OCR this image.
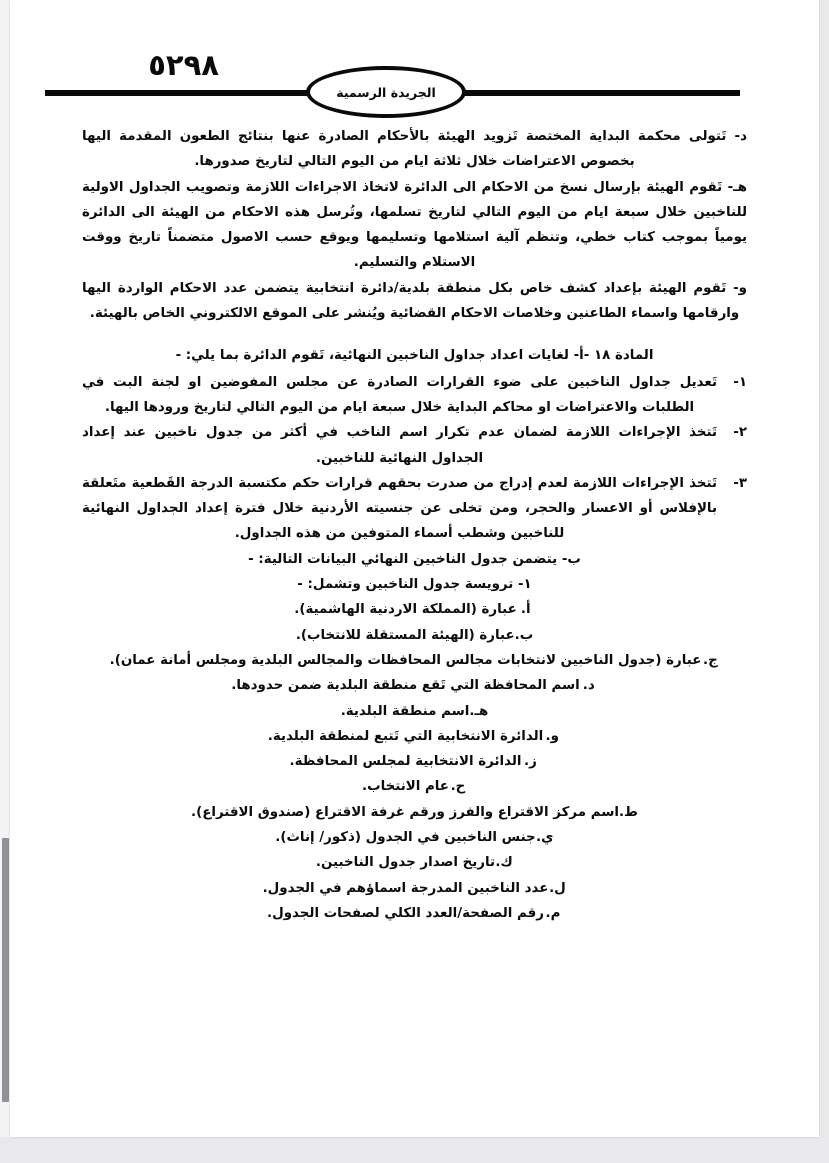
٥٢٩٨
الجريدة الرسمية

د- تَتولى محكمة البداية المختصة تَزويد الهيئة بالأحكام الصادرة عنها بنتائج الطعون المقدمة اليها بخصوص الاعتراضات خلال ثلاثة ايام من اليوم التالي لتاريخ صدورها.

هـ- تَقوم الهيئة بإرسال نسخ من الاحكام الى الدائرة لاتخاذ الاجراءات اللازمة وتصويب الجداول الاولية للناخبين خلال سبعة ايام من اليوم التالي لتاريخ تسلمها، وتُرسل هذه الاحكام من الهيئة الى الدائرة يومياً بموجب كتاب خطي، وتنظم آلية استلامها وتسليمها ويوقع حسب الاصول متضمناً تاريخ ووقت الاستلام والتسليم.

و- تَقوم الهيئة بإعداد كشف خاص بكل منطقة بلدية/دائرة انتخابية يتضمن عدد الاحكام الواردة اليها وارقامها واسماء الطاعنين وخلاصات الاحكام القضائية ويُنشر على الموقع الالكتروني الخاص بالهيئة.

المادة ١٨ -أ- لغايات اعداد جداول الناخبين النهائية، تَقوم الدائرة بما يلي: -
١-
تَعديل جداول الناخبين على ضوء القرارات الصادرة عن مجلس المفوضين او لجنة البت في الطلبات والاعتراضات او محاكم البداية خلال سبعة ايام من اليوم التالي لتاريخ ورودها اليها.
٢-
تَتخذ الإجراءات اللازمة لضمان عدم تكرار اسم الناخب في أكثر من جدول ناخبين عند إعداد الجداول النهائية للناخبين.
٣-
تَتخذ الإجراءات اللازمة لعدم إدراج من صدرت بحقهم قرارات حكم مكتسبة الدرجة القَطعية متَعلقة بالإفلاس أو الاعسار والحجر، ومن تخلى عن جنسيته الأردنية خلال فترة إعداد الجداول النهائية للناخبين وشطب أسماء المتوفين من هذه الجداول.
ب- يتضمن جدول الناخبين النهائي البيانات التالية: -
١- ترويسة جدول الناخبين وتشمل: -
أ.عبارة (المملكة الاردنية الهاشمية).
ب.عبارة (الهيئة المستقلة للانتخاب).
ج.عبارة (جدول الناخبين لانتخابات مجالس المحافظات والمجالس البلدية ومجلس أمانة عمان).
د.اسم المحافظة التي تَقع منطقة البلدية ضمن حدودها.
هـ.اسم منطقة البلدية.
و.الدائرة الانتخابية التي تَتبع لمنطقة البلدية.
ز.الدائرة الانتخابية لمجلس المحافظة.
ح.عام الانتخاب.
ط.اسم مركز الاقتراع والفرز ورقم غرفة الاقتراع (صندوق الاقتراع).
ي.جنس الناخبين في الجدول (ذكور/ إناث).
ك.تاريخ اصدار جدول الناخبين.
ل.عدد الناخبين المدرجة اسماؤهم في الجدول.
م.رقم الصفحة/العدد الكلي لصفحات الجدول.
